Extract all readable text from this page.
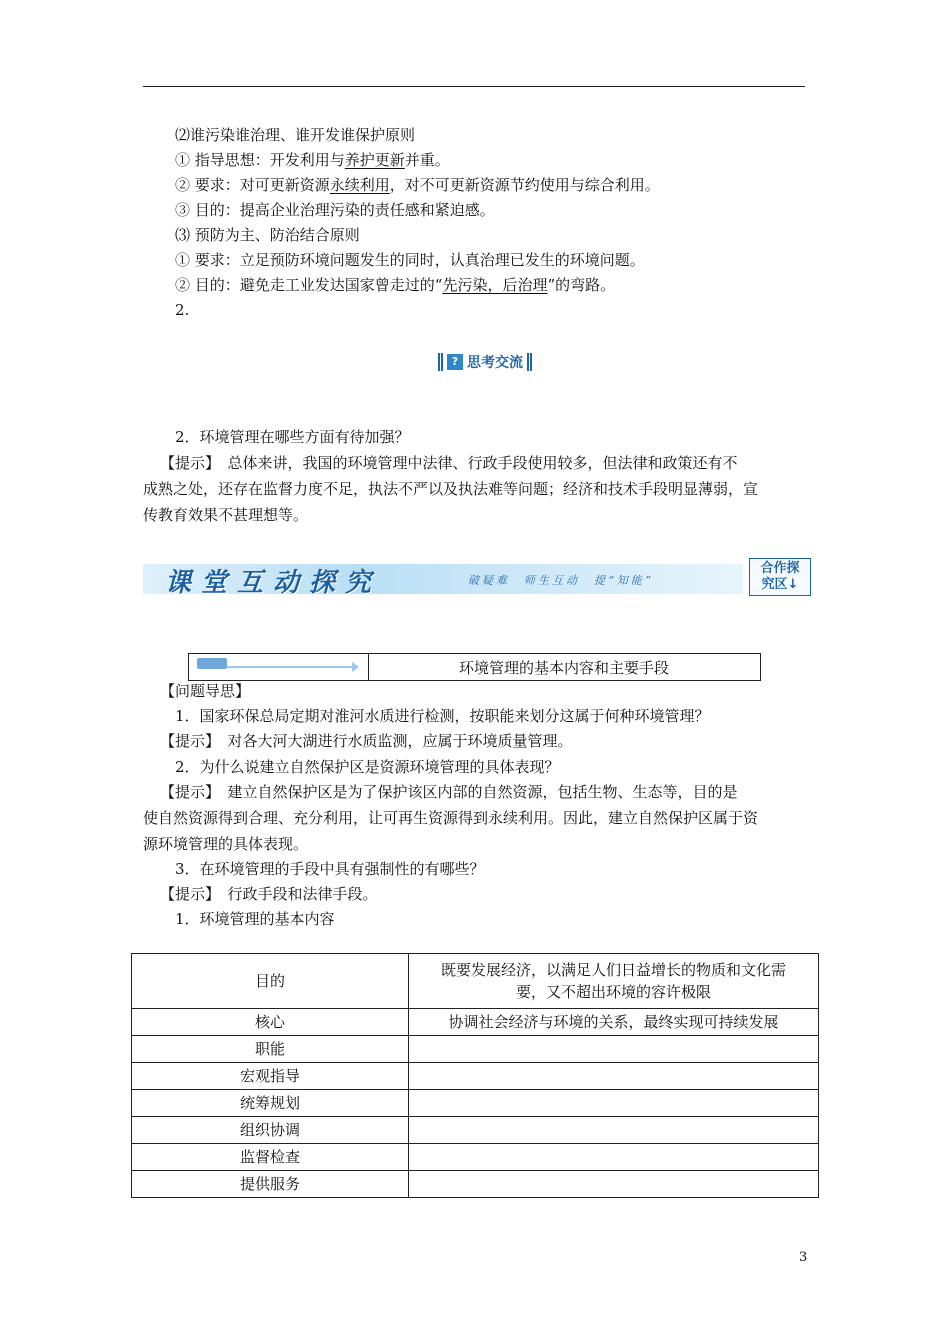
⑵谁污染谁治理、谁开发谁保护原则
① 指导思想：开发利用与养护更新并重。
② 要求：对可更新资源永续利用，对不可更新资源节约使用与综合利用。
③ 目的：提高企业治理污染的责任感和紧迫感。
⑶ 预防为主、防治结合原则
① 要求：立足预防环境问题发生的同时，认真治理已发生的环境问题。
② 目的：避免走工业发达国家曾走过的“先污染，后治理”的弯路。
2.
? 思考交流
2．环境管理在哪些方面有待加强？
【提示】　总体来讲，我国的环境管理中法律、行政手段使用较多，但法律和政策还有不
成熟之处，还存在监督力度不足，执法不严以及执法难等问题；经济和技术手段明显薄弱，宣
传教育效果不甚理想等。
课堂互动探究	破疑难　师生互动　提“知能”
合作探
究区↓
环境管理的基本内容和主要手段
【问题导思】
1．国家环保总局定期对淮河水质进行检测，按职能来划分这属于何种环境管理？
【提示】　对各大河大湖进行水质监测，应属于环境质量管理。
2．为什么说建立自然保护区是资源环境管理的具体表现？
【提示】　建立自然保护区是为了保护该区内部的自然资源，包括生物、生态等，目的是
使自然资源得到合理、充分利用，让可再生资源得到永续利用。因此，建立自然保护区属于资
源环境管理的具体表现。
3．在环境管理的手段中具有强制性的有哪些？
【提示】　行政手段和法律手段。
1．环境管理的基本内容
目的	既要发展经济，以满足人们日益增长的物质和文化需
要，又不超出环境的容许极限

核心	协调社会经济与环境的关系，最终实现可持续发展
职能	
宏观指导	
统筹规划	
组织协调	
监督检查	
提供服务	
3
